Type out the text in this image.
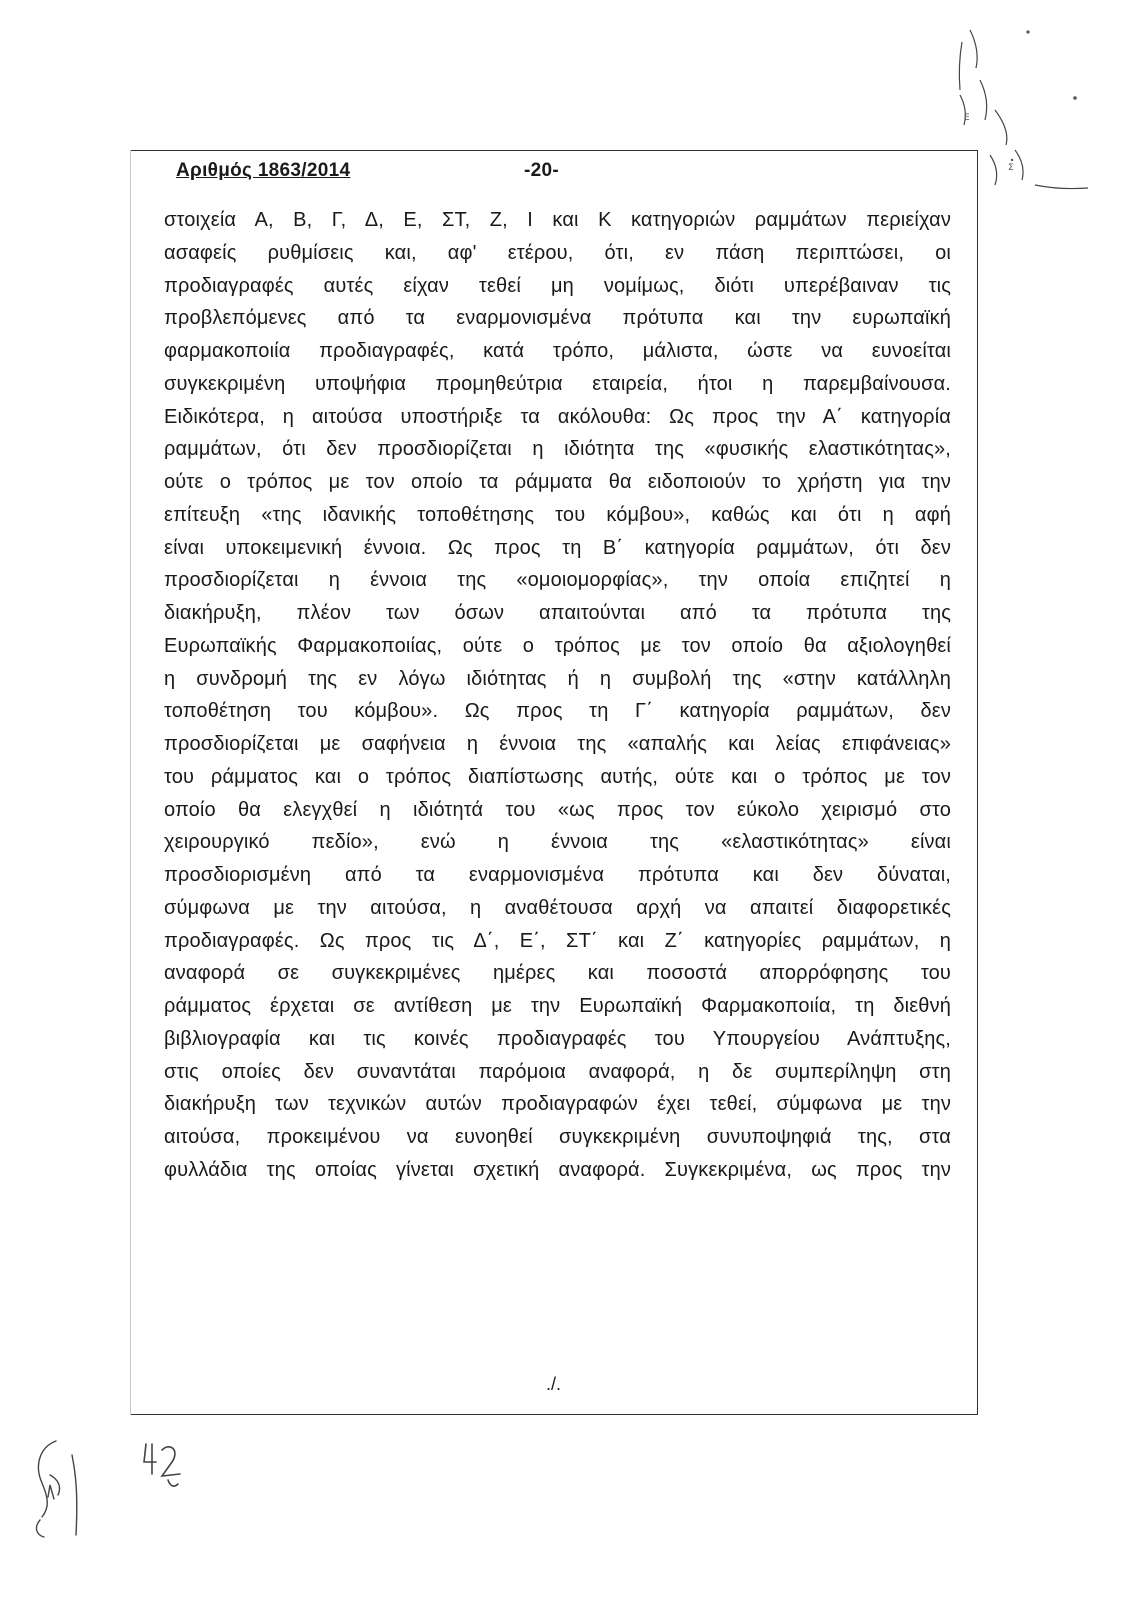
Αριθμός 1863/2014	-20-
στοιχεία Α, Β, Γ, Δ, Ε, ΣΤ, Ζ, Ι και Κ κατηγοριών ραμμάτων περιείχαν
ασαφείς ρυθμίσεις και, αφ' ετέρου, ότι, εν πάση περιπτώσει, οι
προδιαγραφές αυτές είχαν τεθεί μη νομίμως, διότι υπερέβαιναν τις
προβλεπόμενες από τα εναρμονισμένα πρότυπα και την ευρωπαϊκή
φαρμακοποιία προδιαγραφές, κατά τρόπο, μάλιστα, ώστε να ευνοείται
συγκεκριμένη υποψήφια προμηθεύτρια εταιρεία, ήτοι η παρεμβαίνουσα.
Ειδικότερα, η αιτούσα υποστήριξε τα ακόλουθα: Ως προς την Α΄ κατηγορία
ραμμάτων, ότι δεν προσδιορίζεται η ιδιότητα της «φυσικής ελαστικότητας»,
ούτε ο τρόπος με τον οποίο τα ράμματα θα ειδοποιούν το χρήστη για την
επίτευξη «της ιδανικής τοποθέτησης του κόμβου», καθώς και ότι η αφή
είναι υποκειμενική έννοια. Ως προς τη Β΄ κατηγορία ραμμάτων, ότι δεν
προσδιορίζεται η έννοια της «ομοιομορφίας», την οποία επιζητεί η
διακήρυξη, πλέον των όσων απαιτούνται από τα πρότυπα της
Ευρωπαϊκής Φαρμακοποιίας, ούτε ο τρόπος με τον οποίο θα αξιολογηθεί
η συνδρομή της εν λόγω ιδιότητας ή η συμβολή της «στην κατάλληλη
τοποθέτηση του κόμβου». Ως προς τη Γ΄ κατηγορία ραμμάτων, δεν
προσδιορίζεται με σαφήνεια η έννοια της «απαλής και λείας επιφάνειας»
του ράμματος και ο τρόπος διαπίστωσης αυτής, ούτε και ο τρόπος με τον
οποίο θα ελεγχθεί η ιδιότητά του «ως προς τον εύκολο χειρισμό στο
χειρουργικό πεδίο», ενώ η έννοια της «ελαστικότητας» είναι
προσδιορισμένη από τα εναρμονισμένα πρότυπα και δεν δύναται,
σύμφωνα με την αιτούσα, η αναθέτουσα αρχή να απαιτεί διαφορετικές
προδιαγραφές. Ως προς τις Δ΄, Ε΄, ΣΤ΄ και Ζ΄ κατηγορίες ραμμάτων, η
αναφορά σε συγκεκριμένες ημέρες και ποσοστά απορρόφησης του
ράμματος έρχεται σε αντίθεση με την Ευρωπαϊκή Φαρμακοποιία, τη διεθνή
βιβλιογραφία και τις κοινές προδιαγραφές του Υπουργείου Ανάπτυξης,
στις οποίες δεν συναντάται παρόμοια αναφορά, η δε συμπερίληψη στη
διακήρυξη των τεχνικών αυτών προδιαγραφών έχει τεθεί, σύμφωνα με την
αιτούσα, προκειμένου να ευνοηθεί συγκεκριμένη συνυποψηφιά της, στα
φυλλάδια της οποίας γίνεται σχετική αναφορά. Συγκεκριμένα, ως προς την
./.
Ε
Σ
